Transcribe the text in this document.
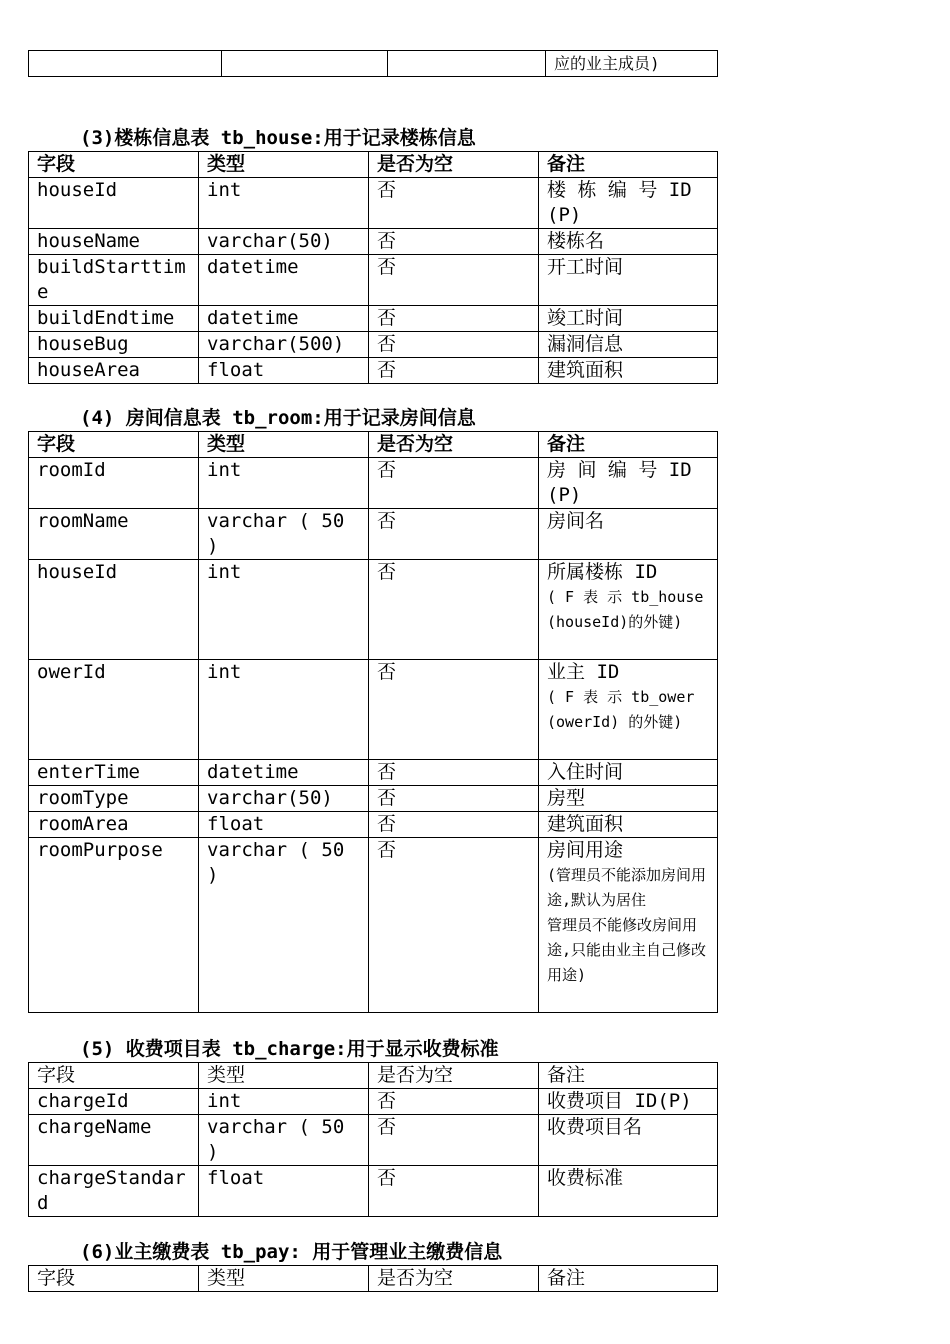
			应的业主成员)
(3)楼栋信息表 tb_house:用于记录楼栋信息
字段	类型	是否为空	备注
houseId	int	否	楼 栋 编 号 ID(P)
houseName	varchar(50)	否	楼栋名
buildStarttime	datetime	否	开工时间
buildEndtime	datetime	否	竣工时间
houseBug	varchar(500)	否	漏洞信息
houseArea	float	否	建筑面积
(4) 房间信息表 tb_room:用于记录房间信息
字段	类型	是否为空	备注
roomId	int	否	房 间 编 号 ID(P)
roomName	varchar ( 50 )	否	房间名
houseId	int	否	所属楼栋 ID
( F 表 示 tb_house(houseId)的外键)

owerId	int	否	业主 ID
( F 表 示 tb_ower(owerId) 的外键)

enterTime	datetime	否	入住时间
roomType	varchar(50)	否	房型
roomArea	float	否	建筑面积
roomPurpose	varchar ( 50 )	否	房间用途
(管理员不能添加房间用途,默认为居住
管理员不能修改房间用途,只能由业主自己修改用途)
(5) 收费项目表 tb_charge:用于显示收费标准
字段	类型	是否为空	备注
chargeId	int	否	收费项目 ID(P)
chargeName	varchar ( 50 )	否	收费项目名
chargeStandard	float	否	收费标准
(6)业主缴费表 tb_pay: 用于管理业主缴费信息
字段	类型	是否为空	备注
